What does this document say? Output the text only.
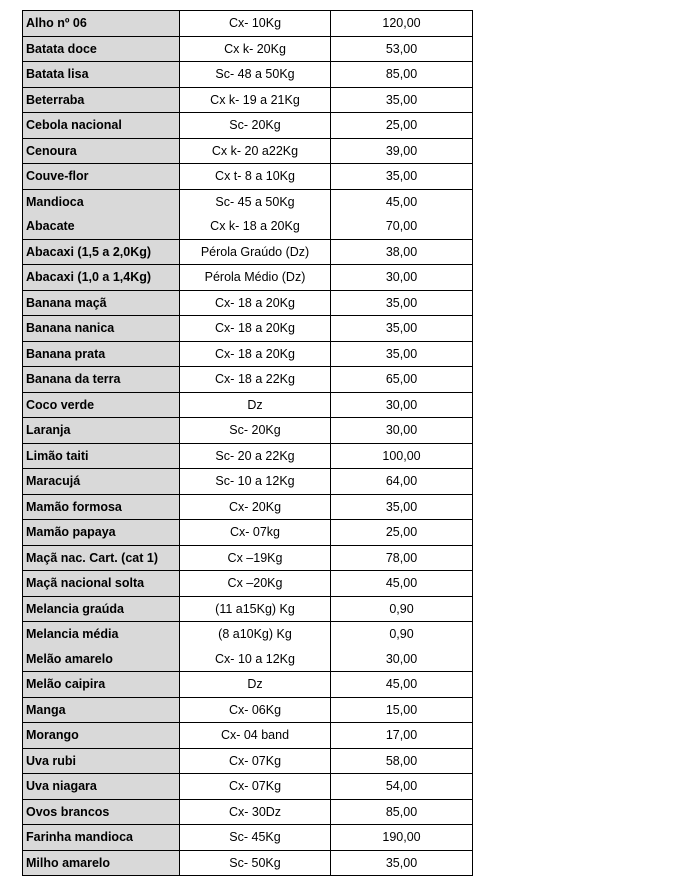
Alho nº 06	Cx- 10Kg	120,00
Batata doce	Cx k- 20Kg	53,00
Batata lisa	Sc- 48 a 50Kg	85,00
Beterraba	Cx k- 19 a 21Kg	35,00
Cebola nacional	Sc- 20Kg	25,00
Cenoura	Cx k- 20 a22Kg	39,00
Couve-flor	Cx t- 8 a 10Kg	35,00
Mandioca	Sc- 45 a 50Kg	45,00
Abacate	Cx k- 18 a 20Kg	70,00
Abacaxi (1,5 a 2,0Kg)	Pérola Graúdo (Dz)	38,00
Abacaxi (1,0 a 1,4Kg)	Pérola Médio (Dz)	30,00
Banana maçã	Cx- 18 a 20Kg	35,00
Banana nanica	Cx- 18 a 20Kg	35,00
Banana prata	Cx- 18 a 20Kg	35,00
Banana da terra	Cx- 18 a 22Kg	65,00
Coco verde	Dz	30,00
Laranja	Sc- 20Kg	30,00
Limão taiti	Sc- 20 a 22Kg	100,00
Maracujá	Sc- 10 a 12Kg	64,00
Mamão formosa	Cx- 20Kg	35,00
Mamão papaya	Cx- 07kg	25,00
Maçã nac. Cart. (cat 1)	Cx –19Kg	78,00
Maçã nacional solta	Cx –20Kg	45,00
Melancia graúda	(11 a15Kg) Kg	0,90
Melancia média	(8 a10Kg) Kg	0,90
Melão amarelo	Cx- 10 a 12Kg	30,00
Melão caipira	Dz	45,00
Manga	Cx- 06Kg	15,00
Morango	Cx- 04 band	17,00
Uva rubi	Cx- 07Kg	58,00
Uva niagara	Cx- 07Kg	54,00
Ovos brancos	Cx- 30Dz	85,00
Farinha mandioca	Sc- 45Kg	190,00
Milho amarelo	Sc- 50Kg	35,00
